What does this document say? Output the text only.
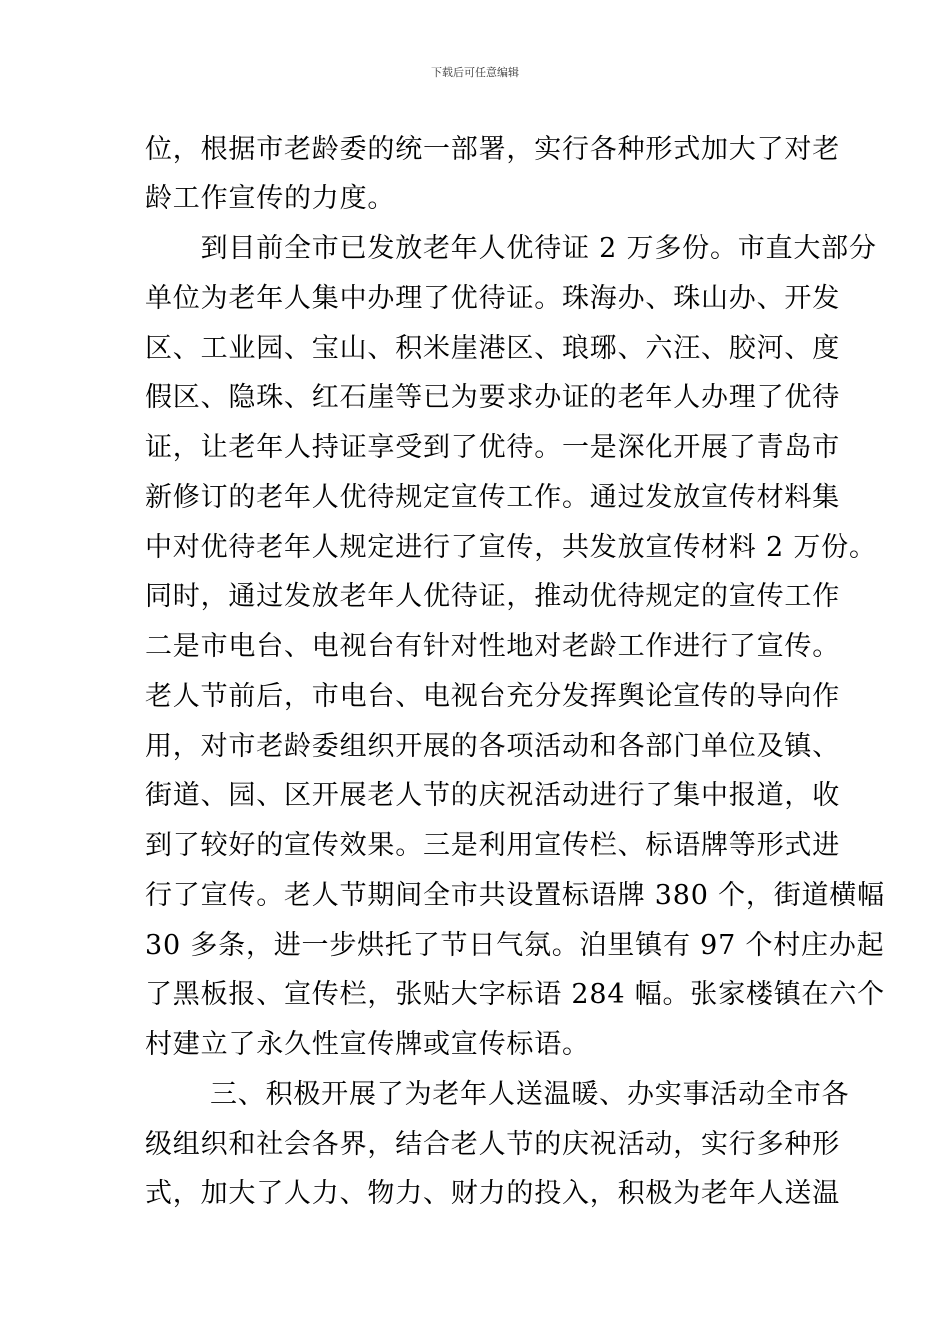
下载后可任意编辑
位，根据市老龄委的统一部署，实行各种形式加大了对老
龄工作宣传的力度。
　　到目前全市已发放老年人优待证 2 万多份。市直大部分
单位为老年人集中办理了优待证。珠海办、珠山办、开发
区、工业园、宝山、积米崖港区、琅琊、六汪、胶河、度
假区、隐珠、红石崖等已为要求办证的老年人办理了优待
证，让老年人持证享受到了优待。一是深化开展了青岛市
新修订的老年人优待规定宣传工作。通过发放宣传材料集
中对优待老年人规定进行了宣传，共发放宣传材料 2 万份。
同时，通过发放老年人优待证，推动优待规定的宣传工作
二是市电台、电视台有针对性地对老龄工作进行了宣传。
老人节前后，市电台、电视台充分发挥舆论宣传的导向作
用，对市老龄委组织开展的各项活动和各部门单位及镇、
街道、园、区开展老人节的庆祝活动进行了集中报道，收
到了较好的宣传效果。三是利用宣传栏、标语牌等形式进
行了宣传。老人节期间全市共设置标语牌 380 个，街道横幅
30 多条，进一步烘托了节日气氛。泊里镇有 97 个村庄办起
了黑板报、宣传栏，张贴大字标语 284 幅。张家楼镇在六个
村建立了永久性宣传牌或宣传标语。
　　 三、积极开展了为老年人送温暖、办实事活动全市各
级组织和社会各界，结合老人节的庆祝活动，实行多种形
式，加大了人力、物力、财力的投入，积极为老年人送温
